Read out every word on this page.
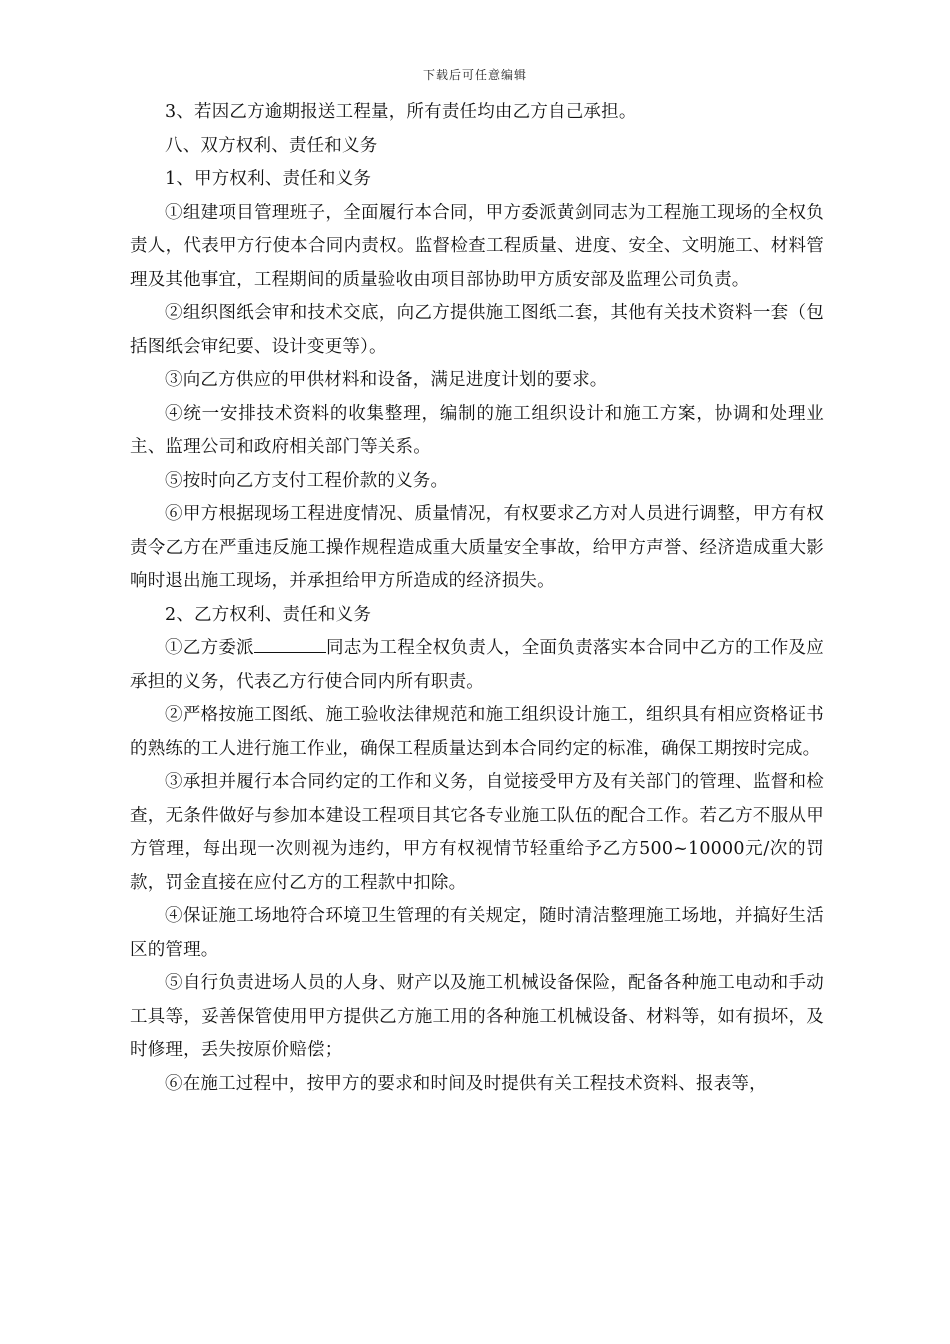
下载后可任意编辑

3、若因乙方逾期报送工程量，所有责任均由乙方自己承担。

八、双方权利、责任和义务

1、甲方权利、责任和义务

①组建项目管理班子，全面履行本合同，甲方委派黄剑同志为工程施工现场的全权负责人，代表甲方行使本合同内责权。监督检查工程质量、进度、安全、文明施工、材料管理及其他事宜，工程期间的质量验收由项目部协助甲方质安部及监理公司负责。

②组织图纸会审和技术交底，向乙方提供施工图纸二套，其他有关技术资料一套（包括图纸会审纪要、设计变更等）。

③向乙方供应的甲供材料和设备，满足进度计划的要求。

④统一安排技术资料的收集整理，编制的施工组织设计和施工方案，协调和处理业主、监理公司和政府相关部门等关系。

⑤按时向乙方支付工程价款的义务。

⑥甲方根据现场工程进度情况、质量情况，有权要求乙方对人员进行调整，甲方有权责令乙方在严重违反施工操作规程造成重大质量安全事故，给甲方声誉、经济造成重大影响时退出施工现场，并承担给甲方所造成的经济损失。

2、乙方权利、责任和义务

①乙方委派	同志为工程全权负责人，全面负责落实本合同中乙方的工作及应承担的义务，代表乙方行使合同内所有职责。

②严格按施工图纸、施工验收法律规范和施工组织设计施工，组织具有相应资格证书的熟练的工人进行施工作业，确保工程质量达到本合同约定的标准，确保工期按时完成。

③承担并履行本合同约定的工作和义务，自觉接受甲方及有关部门的管理、监督和检查，无条件做好与参加本建设工程项目其它各专业施工队伍的配合工作。若乙方不服从甲方管理，每出现一次则视为违约，甲方有权视情节轻重给予乙方500~10000元/次的罚款，罚金直接在应付乙方的工程款中扣除。

④保证施工场地符合环境卫生管理的有关规定，随时清洁整理施工场地，并搞好生活区的管理。

⑤自行负责进场人员的人身、财产以及施工机械设备保险，配备各种施工电动和手动工具等，妥善保管使用甲方提供乙方施工用的各种施工机械设备、材料等，如有损坏，及时修理，丢失按原价赔偿；

⑥在施工过程中，按甲方的要求和时间及时提供有关工程技术资料、报表等，
